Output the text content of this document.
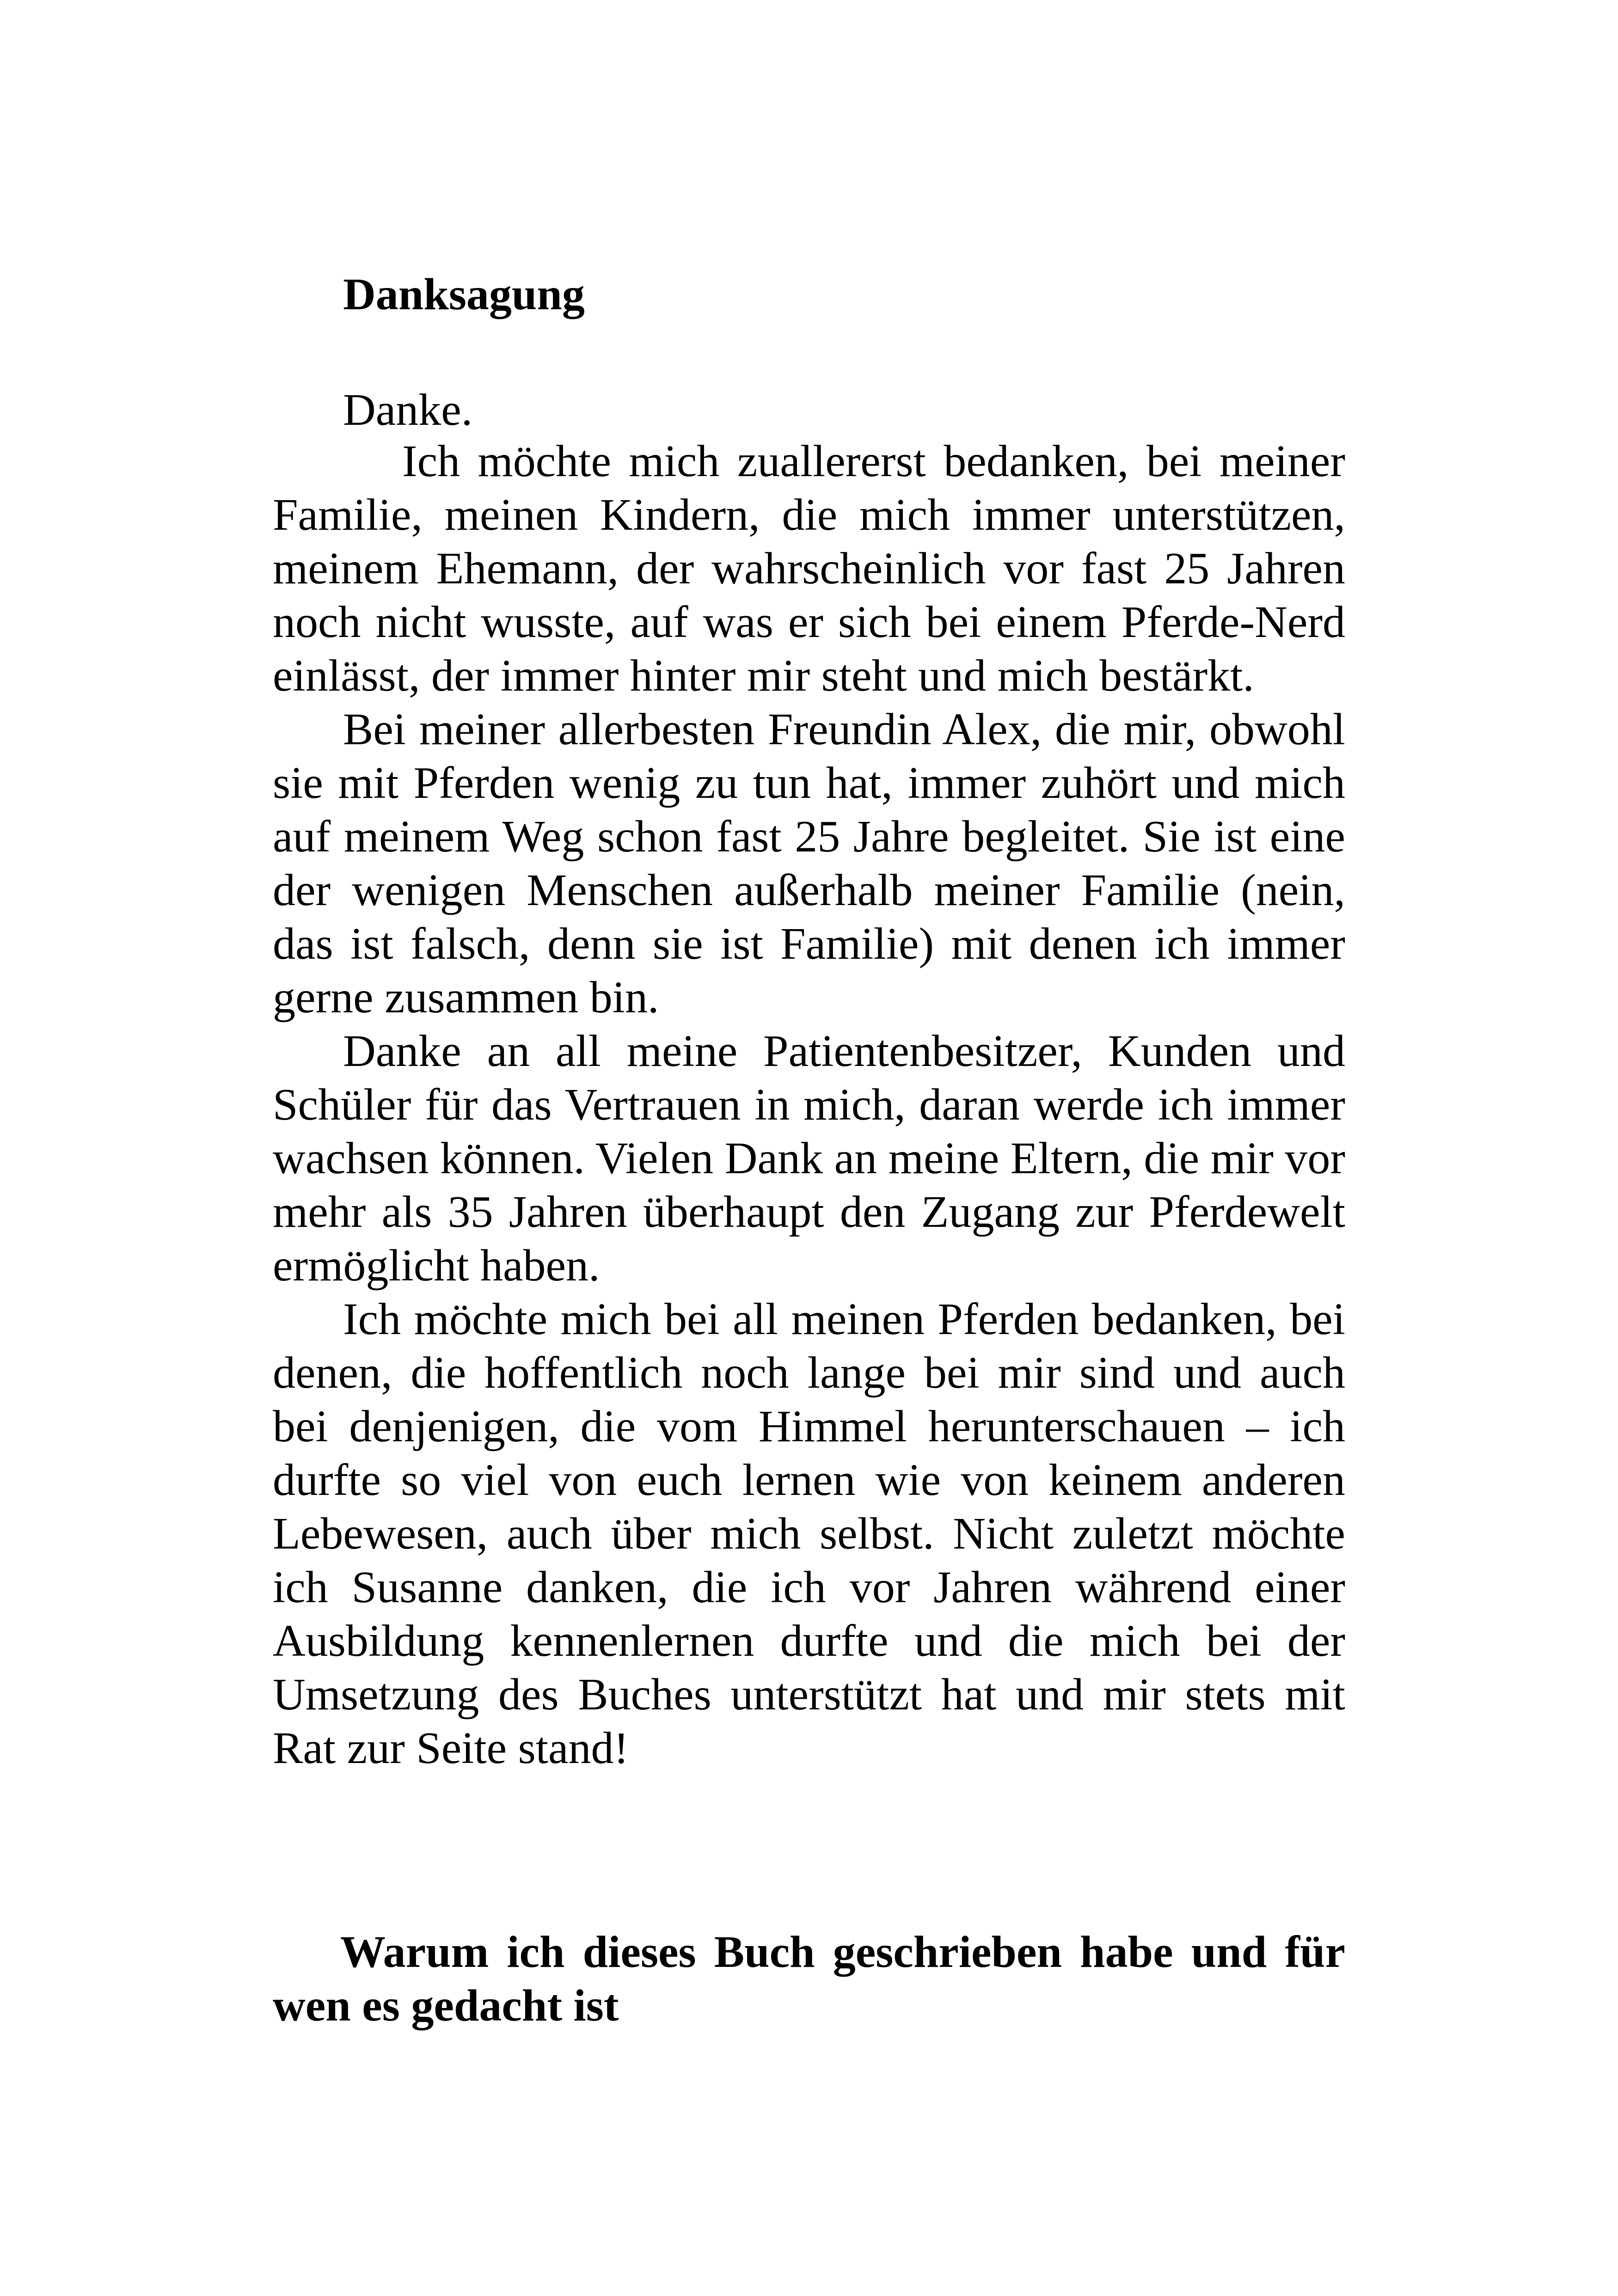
Danksagung

Danke.

Ich möchte mich zuallererst bedanken, bei meiner Familie, meinen Kindern, die mich immer unterstützen, meinem Ehemann, der wahrscheinlich vor fast 25 Jahren noch nicht wusste, auf was er sich bei einem Pferde-Nerd einlässt, der immer hinter mir steht und mich bestärkt.

Bei meiner allerbesten Freundin Alex, die mir, obwohl sie mit Pferden wenig zu tun hat, immer zuhört und mich auf meinem Weg schon fast 25 Jahre begleitet. Sie ist eine der wenigen Menschen außerhalb meiner Familie (nein, das ist falsch, denn sie ist Familie) mit denen ich immer gerne zusammen bin.

Danke an all meine Patientenbesitzer, Kunden und Schüler für das Vertrauen in mich, daran werde ich immer wachsen können. Vielen Dank an meine Eltern, die mir vor mehr als 35 Jahren überhaupt den Zugang zur Pferdewelt ermöglicht haben.

Ich möchte mich bei all meinen Pferden bedanken, bei denen, die hoffentlich noch lange bei mir sind und auch bei denjenigen, die vom Himmel herunterschauen – ich durfte so viel von euch lernen wie von keinem anderen Lebewesen, auch über mich selbst. Nicht zuletzt möchte ich Susanne danken, die ich vor Jahren während einer Ausbildung kennenlernen durfte und die mich bei der Umsetzung des Buches unterstützt hat und mir stets mit Rat zur Seite stand!

Warum ich dieses Buch geschrieben habe und für wen es gedacht ist
